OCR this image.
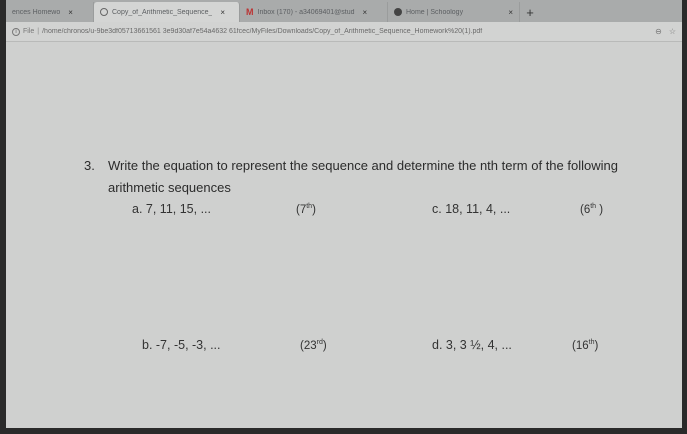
ences Homewo ×	Copy_of_Arithmetic_Sequence_ × M Inbox (170) - a34069401@stud ×	Home | Schoology	×	+
i File | /home/chronos/u-9be3df05713661561 3e9d30af7e54a4632 61fcec/MyFiles/Downloads/Copy_of_Arithmetic_Sequence_Homework%20(1).pdf	⊖ ☆
3. Write the equation to represent the sequence and determine the nth term of the following
arithmetic sequences
a. 7, 11, 15, ...	(7th)	c. 18, 11, 4, ...	(6th )
b. -7, -5, -3, ...	(23rd)	d. 3, 3 ½, 4, ...	(16th)
